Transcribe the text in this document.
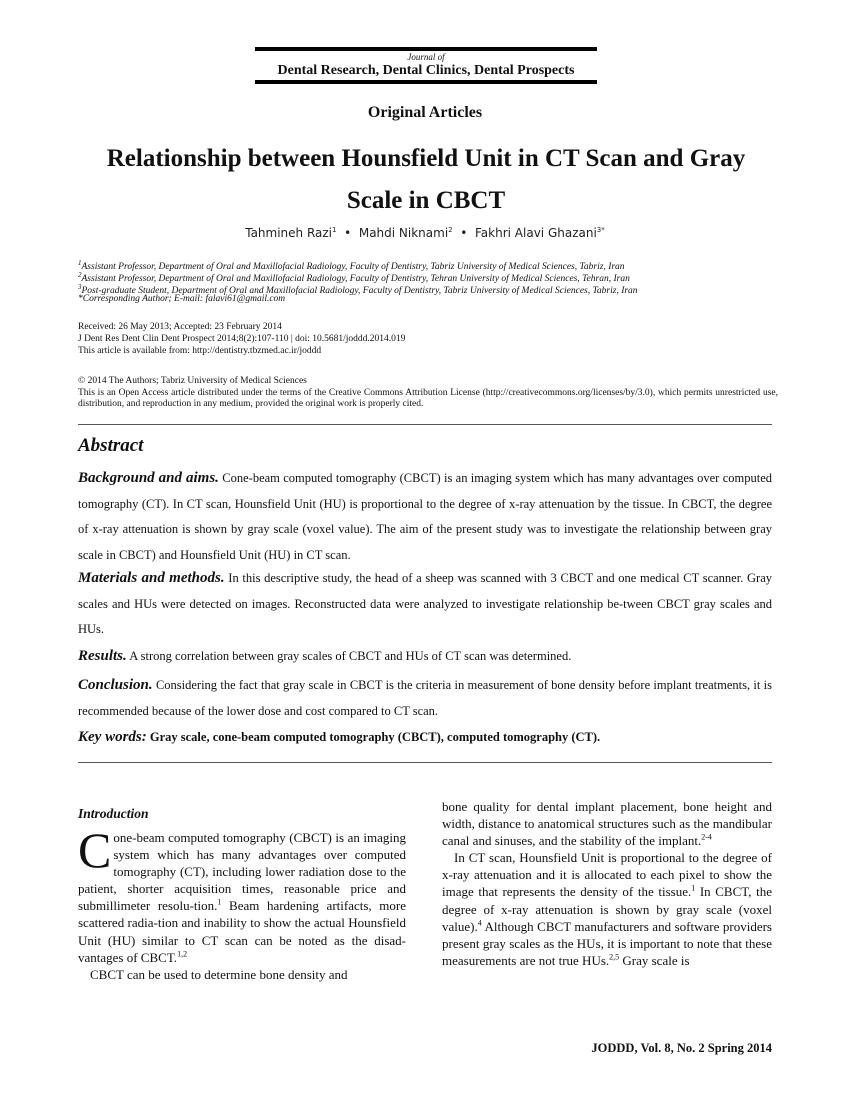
Journal of
Dental Research, Dental Clinics, Dental Prospects
Original Articles
Relationship between Hounsfield Unit in CT Scan and Gray Scale in CBCT
Tahmineh Razi$^1$ • Mahdi Niknami$^2$ • Fakhri Alavi Ghazani$^{3*}$
$^1$Assistant Professor, Department of Oral and Maxillofacial Radiology, Faculty of Dentistry, Tabriz University of Medical Sciences, Tabriz, Iran
$^2$Assistant Professor, Department of Oral and Maxillofacial Radiology, Faculty of Dentistry, Tehran University of Medical Sciences, Tehran, Iran
$^3$Post-graduate Student, Department of Oral and Maxillofacial Radiology, Faculty of Dentistry, Tabriz University of Medical Sciences, Tabriz, Iran
*Corresponding Author; E-mail: falavi61@gmail.com
Received: 26 May 2013; Accepted: 23 February 2014
J Dent Res Dent Clin Dent Prospect 2014;8(2):107-110 | doi: 10.5681/joddd.2014.019
This article is available from: http://dentistry.tbzmed.ac.ir/joddd
© 2014 The Authors; Tabriz University of Medical Sciences
This is an Open Access article distributed under the terms of the Creative Commons Attribution License (http://creativecommons.org/licenses/by/3.0), which permits unrestricted use, distribution, and reproduction in any medium, provided the original work is properly cited.
Abstract
Background and aims. Cone-beam computed tomography (CBCT) is an imaging system which has many advantages over computed tomography (CT). In CT scan, Hounsfield Unit (HU) is proportional to the degree of x-ray attenuation by the tissue. In CBCT, the degree of x-ray attenuation is shown by gray scale (voxel value). The aim of the present study was to investigate the relationship between gray scale in CBCT) and Hounsfield Unit (HU) in CT scan.
Materials and methods. In this descriptive study, the head of a sheep was scanned with 3 CBCT and one medical CT scanner. Gray scales and HUs were detected on images. Reconstructed data were analyzed to investigate relationship be-tween CBCT gray scales and HUs.
Results. A strong correlation between gray scales of CBCT and HUs of CT scan was determined.
Conclusion. Considering the fact that gray scale in CBCT is the criteria in measurement of bone density before implant treatments, it is recommended because of the lower dose and cost compared to CT scan.
Key words: Gray scale, cone-beam computed tomography (CBCT), computed tomography (CT).
Introduction

Cone-beam computed tomography (CBCT) is an imaging system which has many advantages over computed tomography (CT), including lower radiation dose to the patient, shorter acquisition times, reasonable price and submillimeter resolu-tion.$^1$ Beam hardening artifacts, more scattered radia-tion and inability to show the actual Hounsfield Unit (HU) similar to CT scan can be noted as the disad-vantages of CBCT.$^{1,2}$

CBCT can be used to determine bone density and

bone quality for dental implant placement, bone height and width, distance to anatomical structures such as the mandibular canal and sinuses, and the stability of the implant.$^{2-4}$

In CT scan, Hounsfield Unit is proportional to the degree of x-ray attenuation and it is allocated to each pixel to show the image that represents the density of the tissue.$^1$ In CBCT, the degree of x-ray attenuation is shown by gray scale (voxel value).$^4$ Although CBCT manufacturers and software providers present gray scales as the HUs, it is important to note that these measurements are not true HUs.$^{2,5}$ Gray scale is

JODDD, Vol. 8, No. 2 Spring 2014
